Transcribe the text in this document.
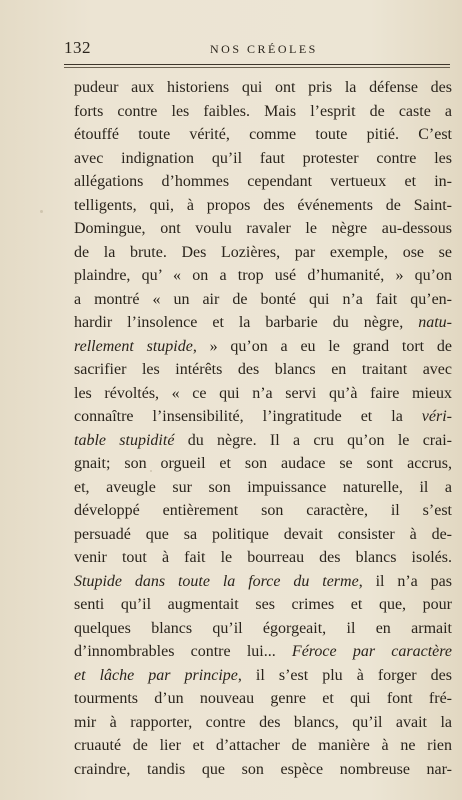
132	NOS CRÉOLES
pudeur aux historiens qui ont pris la défense des
forts contre les faibles. Mais l’esprit de caste a
étouffé toute vérité, comme toute pitié. C’est
avec indignation qu’il faut protester contre les
allégations d’hommes cependant vertueux et in-
telligents, qui, à propos des événements de Saint-
Domingue, ont voulu ravaler le nègre au-dessous
de la brute. Des Lozières, par exemple, ose se
plaindre, qu’ « on a trop usé d’humanité, » qu’on
a montré « un air de bonté qui n’a fait qu’en-
hardir l’insolence et la barbarie du nègre, natu-
rellement stupide, » qu’on a eu le grand tort de
sacrifier les intérêts des blancs en traitant avec
les révoltés, « ce qui n’a servi qu’à faire mieux
connaître l’insensibilité, l’ingratitude et la véri-
table stupidité du nègre. Il a cru qu’on le crai-
gnait; son orgueil et son audace se sont accrus,
et, aveugle sur son impuissance naturelle, il a
développé entièrement son caractère, il s’est
persuadé que sa politique devait consister à de-
venir tout à fait le bourreau des blancs isolés.
Stupide dans toute la force du terme, il n’a pas
senti qu’il augmentait ses crimes et que, pour
quelques blancs qu’il égorgeait, il en armait
d’innombrables contre lui... Féroce par caractère
et lâche par principe, il s’est plu à forger des
tourments d’un nouveau genre et qui font fré-
mir à rapporter, contre des blancs, qu’il avait la
cruauté de lier et d’attacher de manière à ne rien
craindre, tandis que son espèce nombreuse nar-
